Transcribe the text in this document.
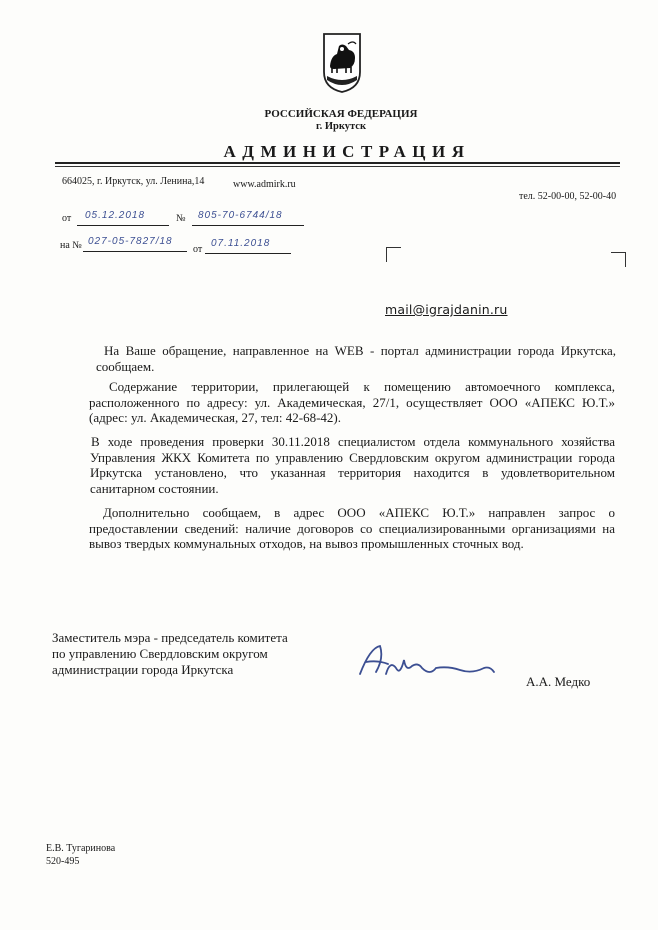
РОССИЙСКАЯ ФЕДЕРАЦИЯ
г. Иркутск
АДМИНИСТРАЦИЯ
664025, г. Иркутск, ул. Ленина,14	www.admirk.ru
тел. 52-00-00, 52-00-40
от 05.12.2018	№ 805-70-6744/18
на № 027-05-7827/18
от
07.11.2018
mail@igrajdanin.ru
На Ваше обращение, направленное на WEB - портал администрации города Иркутска, сообщаем.
Содержание территории, прилегающей к помещению автомоечного комплекса, расположенного по адресу: ул. Академическая, 27/1, осуществляет ООО «АПЕКС Ю.Т.» (адрес: ул. Академическая, 27, тел: 42-68-42).
В ходе проведения проверки 30.11.2018 специалистом отдела коммунального хозяйства Управления ЖКХ Комитета по управлению Свердловским округом администрации города Иркутска установлено, что указанная территория находится в удовлетворительном санитарном состоянии.
Дополнительно сообщаем, в адрес ООО «АПЕКС Ю.Т.» направлен запрос о предоставлении сведений: наличие договоров со специализированными организациями на вывоз твердых коммунальных отходов, на вывоз промышленных сточных вод.
Заместитель мэра - председатель комитета
по управлению Свердловским округом
администрации города Иркутска
А.А. Медко
Е.В. Тугаринова
520-495
